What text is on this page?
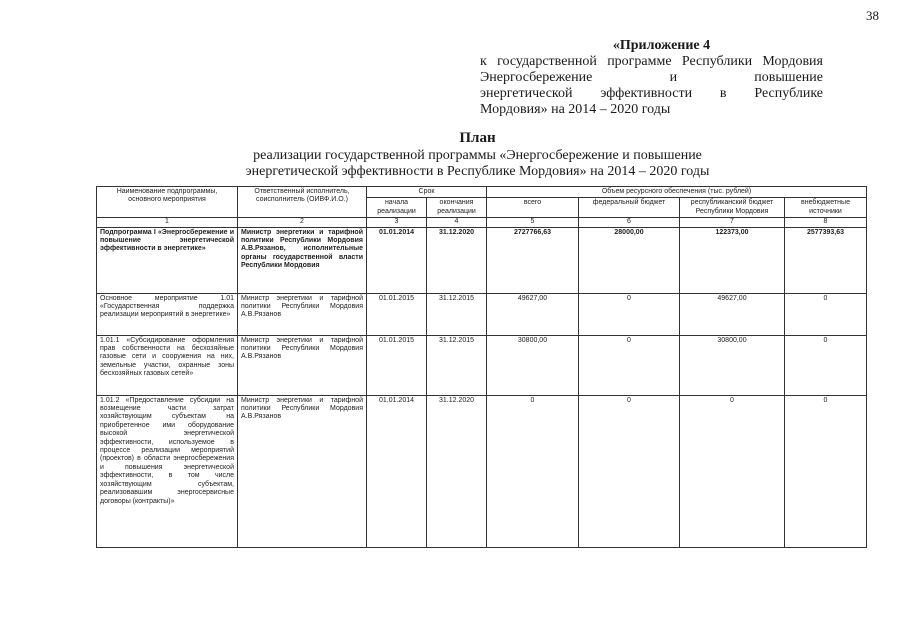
38
«Приложение 4
к государственной программе Республики Мордовия
Энергосбережение и повышение
энергетической эффективности в Республике
Мордовия» на 2014 – 2020 годы
План
реализации государственной программы «Энергосбережение и повышение
энергетической эффективности в Республике Мордовия» на 2014 – 2020 годы
Наименование подпрограммы, основного мероприятия	Ответственный исполнитель, соисполнитель (ОИВФ.И.О.)	Срок		Объем ресурсного обеспечения (тыс. рублей)			
		начала реализации	окончания реализации	всего	федеральный бюджет	республиканский бюджет Республики Мордовия	внебюджетные источники
1	2	3	4	5	6	7	8
Подпрограмма I «Энергосбережение и повышение энергетической эффективности в энергетике»	Министр энергетики и тарифной политики Республики Мордовия А.В.Рязанов, исполнительные органы государственной власти Республики Мордовия	01.01.2014	31.12.2020	2727766,63	28000,00	122373,00	2577393,63
Основное мероприятие 1.01 «Государственная поддержка реализации мероприятий в энергетике»	Министр энергетики и тарифной политики Республики Мордовия А.В.Рязанов	01.01.2015	31.12.2015	49627,00	0	49627,00	0
1.01.1 «Субсидирование оформления прав собственности на бесхозяйные газовые сети и сооружения на них, земельные участки, охранные зоны бесхозяйных газовых сетей»	Министр энергетики и тарифной политики Республики Мордовия А.В.Рязанов	01.01.2015	31.12.2015	30800,00	0	30800,00	0
1.01.2 «Предоставление субсидии на возмещение части затрат хозяйствующим субъектам на приобретенное ими оборудование высокой энергетической эффективности, используемое в процессе реализации мероприятий (проектов) в области энергосбережения и повышения энергетической эффективности, в том числе хозяйствующим субъектам, реализовавшим энергосервисные договоры (контракты)»	Министр энергетики и тарифной политики Республики Мордовия А.В.Рязанов	01.01.2014	31.12.2020	0	0	0	0
